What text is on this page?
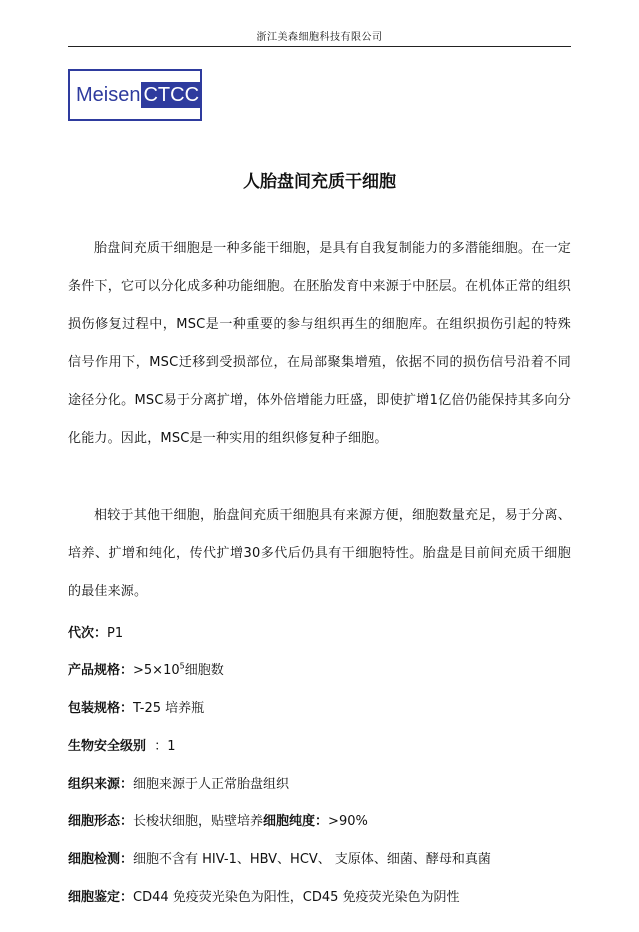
浙江美森细胞科技有限公司
Meisen CTCC
人胎盘间充质干细胞

胎盘间充质干细胞是一种多能干细胞，是具有自我复制能力的多潜能细胞。在一定条件下，它可以分化成多种功能细胞。在胚胎发育中来源于中胚层。在机体正常的组织损伤修复过程中，MSC是一种重要的参与组织再生的细胞库。在组织损伤引起的特殊信号作用下，MSC迁移到受损部位，在局部聚集增殖，依据不同的损伤信号沿着不同途径分化。MSC易于分离扩增，体外倍增能力旺盛，即使扩增1亿倍仍能保持其多向分化能力。因此，MSC是一种实用的组织修复种子细胞。

相较于其他干细胞，胎盘间充质干细胞具有来源方便，细胞数量充足，易于分离、培养、扩增和纯化，传代扩增30多代后仍具有干细胞特性。胎盘是目前间充质干细胞的最佳来源。

代次：P1
产品规格：$>5\times 10^5$细胞数
包装规格：T-25 培养瓶
生物安全级别 ：1
组织来源：细胞来源于人正常胎盘组织
细胞形态：长梭状细胞，贴壁培养细胞纯度：>90%
细胞检测：细胞不含有 HIV-1、HBV、HCV、 支原体、细菌、酵母和真菌
细胞鉴定：CD44 免疫荧光染色为阳性，CD45 免疫荧光染色为阴性
